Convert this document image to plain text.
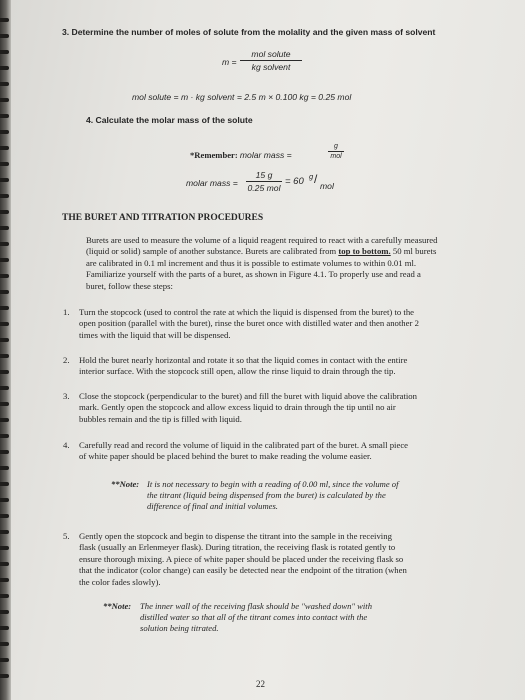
3. Determine the number of moles of solute from the molality and the given mass of solvent
m =
mol solute
kg solvent
mol solute = m · kg solvent = 2.5 m × 0.100 kg = 0.25 mol
4. Calculate the molar mass of the solute
*Remember: molar mass =
g
mol
molar mass =
15 g
0.25 mol
= 60 g / mol
THE BURET AND TITRATION PROCEDURES
Burets are used to measure the volume of a liquid reagent required to react with a carefully measured
(liquid or solid) sample of another substance. Burets are calibrated from top to bottom. 50 ml burets
are calibrated in 0.1 ml increment and thus it is possible to estimate volumes to within 0.01 ml.
Familiarize yourself with the parts of a buret, as shown in Figure 4.1. To properly use and read a
buret, follow these steps:
1. Turn the stopcock (used to control the rate at which the liquid is dispensed from the buret) to the
open position (parallel with the buret), rinse the buret once with distilled water and then another 2
times with the liquid that will be dispensed.
2. Hold the buret nearly horizontal and rotate it so that the liquid comes in contact with the entire
interior surface. With the stopcock still open, allow the rinse liquid to drain through the tip.
3. Close the stopcock (perpendicular to the buret) and fill the buret with liquid above the calibration
mark. Gently open the stopcock and allow excess liquid to drain through the tip until no air
bubbles remain and the tip is filled with liquid.
4. Carefully read and record the volume of liquid in the calibrated part of the buret. A small piece
of white paper should be placed behind the buret to make reading the volume easier.
**Note: It is not necessary to begin with a reading of 0.00 ml, since the volume of
the titrant (liquid being dispensed from the buret) is calculated by the
difference of final and initial volumes.
5. Gently open the stopcock and begin to dispense the titrant into the sample in the receiving
flask (usually an Erlenmeyer flask). During titration, the receiving flask is rotated gently to
ensure thorough mixing. A piece of white paper should be placed under the receiving flask so
that the indicator (color change) can easily be detected near the endpoint of the titration (when
the color fades slowly).
**Note: The inner wall of the receiving flask should be "washed down" with
distilled water so that all of the titrant comes into contact with the
solution being titrated.
22
